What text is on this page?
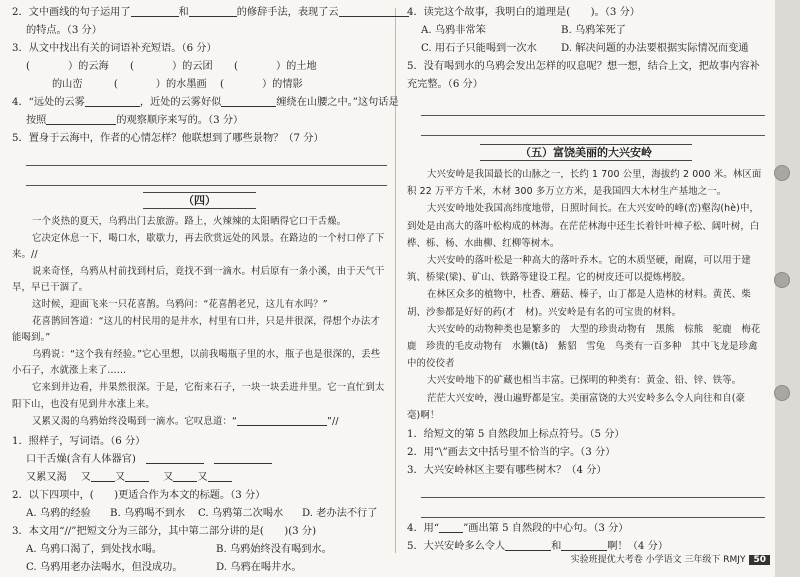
2．文中画线的句子运用了	和	的修辞手法，表现了云
的特点。（3 分）
3．从文中找出有关的词语补充短语。（6 分）
(	）的云海 (	）的云团 (	）的土地
的山峦	(	）的水墨画 (	）的情影
4．“远处的云雾	，近处的云雾好似	缠绕在山腰之中。”这句话是
按照	的观察顺序来写的。（3 分）
5．置身于云海中，作者的心情怎样？他联想到了哪些景物？（7 分）
（四）
一个炎热的夏天，乌鸦出门去旅游。路上，火辣辣的太阳晒得它口干舌燥。
它决定休息一下，喝口水，歇歇力，再去欣赏远处的风景。在路边的一个村口停了下来。//
说来奇怪，乌鸦从村前找到村后，竟找不到一滴水。村后原有一条小溪，由于天气干旱，早已干涸了。
这时候，迎面飞来一只花喜鹊。乌鸦问：“花喜鹊老兄，这儿有水吗？”
花喜鹊回答道：“这儿的村民用的是井水，村里有口井，只是井很深，得想个办法才能喝到。”
乌鸦说：“这个我有经验。”它心里想，以前我喝瓶子里的水，瓶子也是很深的，丢些小石子，水就涨上来了……
它来到井边看，井果然很深。于是，它衔来石子，一块一块丢进井里。它一直忙到太阳下山，也没有见到井水涨上来。
又累又渴的乌鸦始终没喝到一滴水。它叹息道：“	”//
1．照样子，写词语。（6 分）
口干舌燥(含有人体器官)
又累又渴 又 又	又 又
2．以下四项中，(　　)更适合作为本文的标题。（3 分）
A. 乌鸦的经验 B. 乌鸦喝不到水 C. 乌鸦第二次喝水 D. 老办法不行了
3．本文用“//”把短文分为三部分，其中第二部分讲的是(　　)(3 分)
A. 乌鸦口渴了，到处找水喝。	B. 乌鸦始终没有喝到水。
C. 乌鸦用老办法喝水，但没成功。	D. 乌鸦在喝井水。
4．读完这个故事，我明白的道理是(　　)。（3 分）
A. 乌鸦非常笨	B. 乌鸦笨死了
C. 用石子只能喝到一次水 D. 解决问题的办法要根据实际情况而变通
5．没有喝到水的乌鸦会发出怎样的叹息呢？想一想，结合上文，把故事内容补充完整。（6 分）
（五）富饶美丽的大兴安岭
大兴安岭是我国最长的山脉之一，长约 1 700 公里，海拔约 2 000 米。林区面积 22 万平方千米，木材 300 多万立方米，是我国四大木材生产基地之一。
大兴安岭地处我国高纬度地带，日照时间长。在大兴安岭的峰(峦)壑沟(hè)中，到处是由高大的落叶松构成的林海。在茫茫林海中还生长着针叶樟子松、阔叶树，白桦、栎、杨、水曲柳、红柳等树木。
大兴安岭的落叶松是一种高大的落叶乔木。它的木质坚硬，耐腐，可以用于建筑、桥梁(梁)、矿山、铁路等建设工程。它的树皮还可以提炼栲胶。
在林区众多的植物中，杜香、蘑菇、榛子，山丁都是人造林的材料。黄芪、柴胡、沙参都是好好的药(才　材)。兴安岭是有名的可宝贵的材料。
大兴安岭的动物种类也是繁多的　大型的珍贵动物有　黑熊　棕熊　驼鹿　梅花鹿　珍贵的毛皮动物有　水獭(tǎ)　紫貂　雪兔　鸟类有一百多种　其中飞龙是珍禽中的佼佼者
大兴安岭地下的矿藏也相当丰富。已探明的种类有：黄金、铅、锌、铁等。
茫茫大兴安岭，漫山遍野都是宝。美丽富饶的大兴安岭多么令人向往和自(豪　毫)啊！
1．给短文的第 5 自然段加上标点符号。（5 分）
2．用“\”画去文中括号里不恰当的字。（3 分）
3．大兴安岭林区主要有哪些树木？（4 分）
4．用“ ”画出第 5 自然段的中心句。（3 分）
5．大兴安岭多么令人	和	啊！（4 分）
实验班提优大考卷 小学语文 三年级下 RMJY 50
